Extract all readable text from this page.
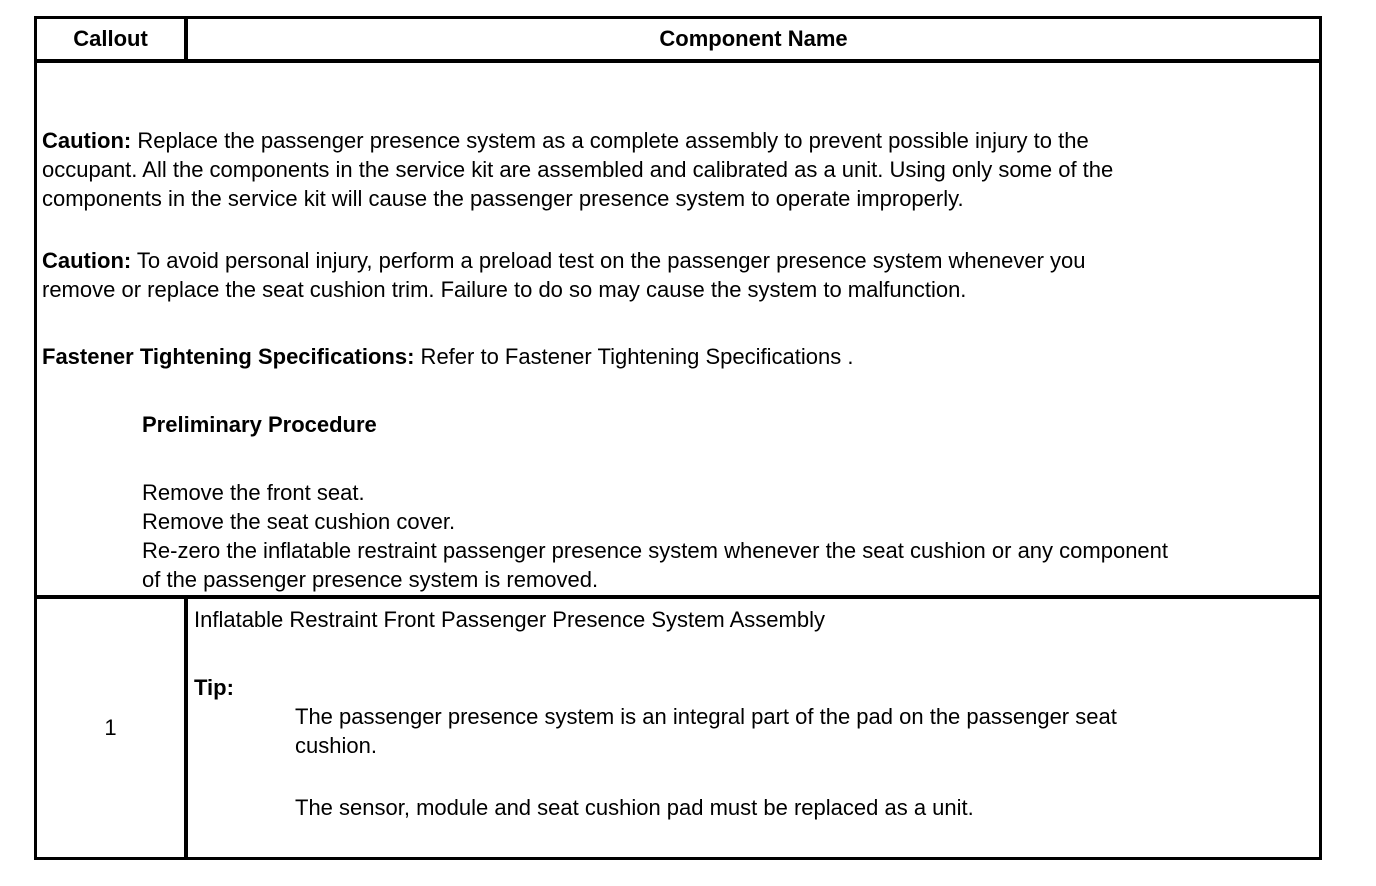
Callout	Component Name
Caution: Replace the passenger presence system as a complete assembly to prevent possible injury to the
occupant. All the components in the service kit are assembled and calibrated as a unit. Using only some of the
components in the service kit will cause the passenger presence system to operate improperly.
Caution: To avoid personal injury, perform a preload test on the passenger presence system whenever you
remove or replace the seat cushion trim. Failure to do so may cause the system to malfunction.
Fastener Tightening Specifications: Refer to Fastener Tightening Specifications .
Preliminary Procedure
Remove the front seat.
Remove the seat cushion cover.
Re-zero the inflatable restraint passenger presence system whenever the seat cushion or any component
of the passenger presence system is removed.
1
Inflatable Restraint Front Passenger Presence System Assembly
Tip:
The passenger presence system is an integral part of the pad on the passenger seat
cushion.
The sensor, module and seat cushion pad must be replaced as a unit.
